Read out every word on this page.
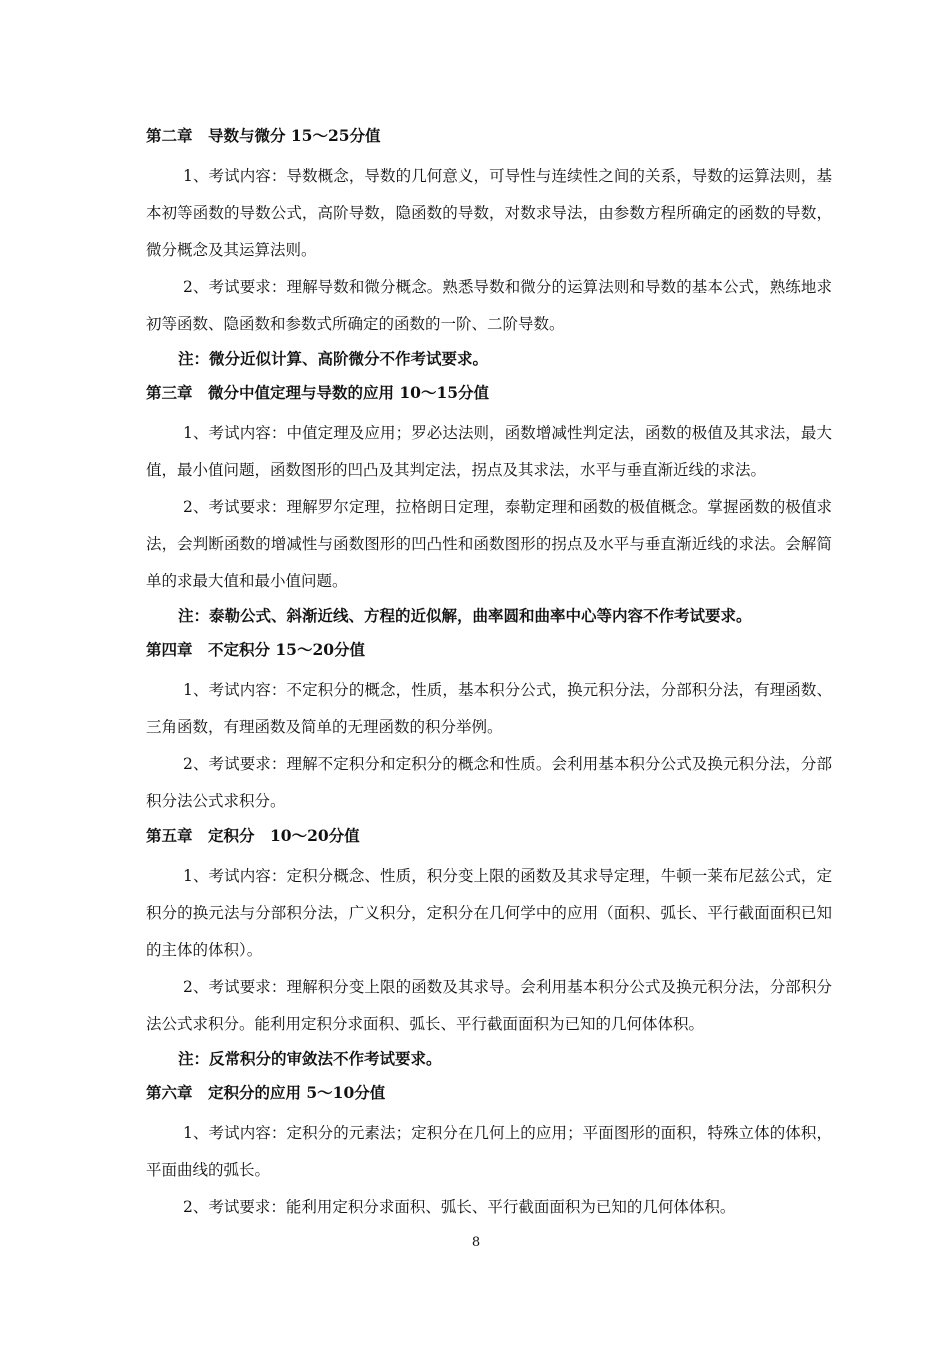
第二章　导数与微分 15～25分值

1、考试内容：导数概念，导数的几何意义，可导性与连续性之间的关系，导数的运算法则，基本初等函数的导数公式，高阶导数，隐函数的导数，对数求导法，由参数方程所确定的函数的导数，微分概念及其运算法则。

2、考试要求：理解导数和微分概念。熟悉导数和微分的运算法则和导数的基本公式，熟练地求初等函数、隐函数和参数式所确定的函数的一阶、二阶导数。

注：微分近似计算、高阶微分不作考试要求。
第三章　微分中值定理与导数的应用 10～15分值

1、考试内容：中值定理及应用；罗必达法则，函数增减性判定法，函数的极值及其求法，最大值，最小值问题，函数图形的凹凸及其判定法，拐点及其求法，水平与垂直渐近线的求法。

2、考试要求：理解罗尔定理，拉格朗日定理，泰勒定理和函数的极值概念。掌握函数的极值求法，会判断函数的增减性与函数图形的凹凸性和函数图形的拐点及水平与垂直渐近线的求法。会解简单的求最大值和最小值问题。

注：泰勒公式、斜渐近线、方程的近似解，曲率圆和曲率中心等内容不作考试要求。
第四章　不定积分 15～20分值

1、考试内容：不定积分的概念，性质，基本积分公式，换元积分法，分部积分法，有理函数、三角函数，有理函数及简单的无理函数的积分举例。

2、考试要求：理解不定积分和定积分的概念和性质。会利用基本积分公式及换元积分法，分部积分法公式求积分。

第五章　定积分　10～20分值

1、考试内容：定积分概念、性质，积分变上限的函数及其求导定理，牛顿一莱布尼兹公式，定积分的换元法与分部积分法，广义积分，定积分在几何学中的应用（面积、弧长、平行截面面积已知的主体的体积）。

2、考试要求：理解积分变上限的函数及其求导。会利用基本积分公式及换元积分法，分部积分法公式求积分。能利用定积分求面积、弧长、平行截面面积为已知的几何体体积。

注：反常积分的审敛法不作考试要求。
第六章　定积分的应用 5～10分值

1、考试内容：定积分的元素法；定积分在几何上的应用；平面图形的面积，特殊立体的体积，平面曲线的弧长。

2、考试要求：能利用定积分求面积、弧长、平行截面面积为已知的几何体体积。

8
